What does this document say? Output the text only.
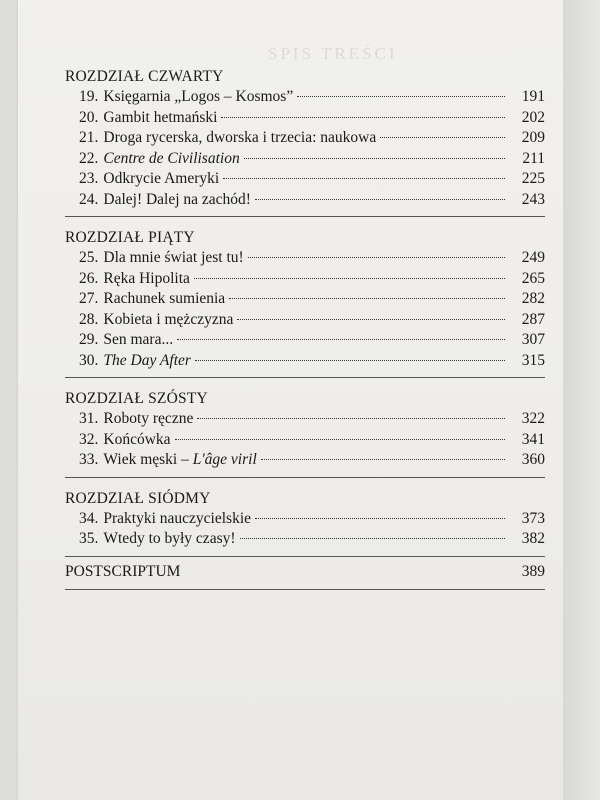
SPIS TREŚCI
ROZDZIAŁ CZWARTY
19. Księgarnia „Logos – Kosmos”	191
20. Gambit hetmański	202
21. Droga rycerska, dworska i trzecia: naukowa	209
22. Centre de Civilisation	211
23. Odkrycie Ameryki	225
24. Dalej! Dalej na zachód!	243
ROZDZIAŁ PIĄTY
25. Dla mnie świat jest tu!	249
26. Ręka Hipolita	265
27. Rachunek sumienia	282
28. Kobieta i mężczyzna	287
29. Sen mara...	307
30. The Day After	315
ROZDZIAŁ SZÓSTY
31. Roboty ręczne	322
32. Końcówka	341
33. Wiek męski – L'âge viril	360
ROZDZIAŁ SIÓDMY
34. Praktyki nauczycielskie	373
35. Wtedy to były czasy!	382
POSTSCRIPTUM	389
